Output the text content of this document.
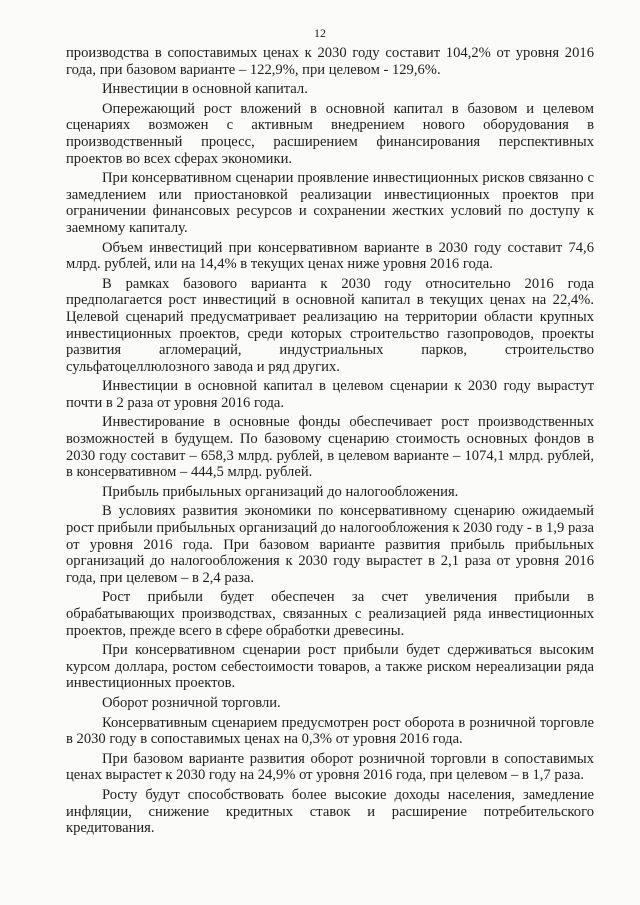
12

производства в сопоставимых ценах к 2030 году составит 104,2% от уровня 2016 года, при базовом варианте – 122,9%, при целевом - 129,6%.

Инвестиции в основной капитал.

Опережающий рост вложений в основной капитал в базовом и целевом сценариях возможен с активным внедрением нового оборудования в производственный процесс, расширением финансирования перспективных проектов во всех сферах экономики.

При консервативном сценарии проявление инвестиционных рисков связанно с замедлением или приостановкой реализации инвестиционных проектов при ограничении финансовых ресурсов и сохранении жестких условий по доступу к заемному капиталу.

Объем инвестиций при консервативном варианте в 2030 году составит 74,6 млрд. рублей, или на 14,4% в текущих ценах ниже уровня 2016 года.

В рамках базового варианта к 2030 году относительно 2016 года предполагается рост инвестиций в основной капитал в текущих ценах на 22,4%. Целевой сценарий предусматривает реализацию на территории области крупных инвестиционных проектов, среди которых строительство газопроводов, проекты развития агломераций, индустриальных парков, строительство сульфатоцеллюлозного завода и ряд других.

Инвестиции в основной капитал в целевом сценарии к 2030 году вырастут почти в 2 раза от уровня 2016 года.

Инвестирование в основные фонды обеспечивает рост производственных возможностей в будущем. По базовому сценарию стоимость основных фондов в 2030 году составит – 658,3 млрд. рублей, в целевом варианте – 1074,1 млрд. рублей, в консервативном – 444,5 млрд. рублей.

Прибыль прибыльных организаций до налогообложения.

В условиях развития экономики по консервативному сценарию ожидаемый рост прибыли прибыльных организаций до налогообложения к 2030 году - в 1,9 раза от уровня 2016 года. При базовом варианте развития прибыль прибыльных организаций до налогообложения к 2030 году вырастет в 2,1 раза от уровня 2016 года, при целевом – в 2,4 раза.

Рост прибыли будет обеспечен за счет увеличения прибыли в обрабатывающих производствах, связанных с реализацией ряда инвестиционных проектов, прежде всего в сфере обработки древесины.

При консервативном сценарии рост прибыли будет сдерживаться высоким курсом доллара, ростом себестоимости товаров, а также риском нереализации ряда инвестиционных проектов.

Оборот розничной торговли.

Консервативным сценарием предусмотрен рост оборота в розничной торговле в 2030 году в сопоставимых ценах на 0,3% от уровня 2016 года.

При базовом варианте развития оборот розничной торговли в сопоставимых ценах вырастет к 2030 году на 24,9% от уровня 2016 года, при целевом – в 1,7 раза.

Росту будут способствовать более высокие доходы населения, замедление инфляции, снижение кредитных ставок и расширение потребительского кредитования.
